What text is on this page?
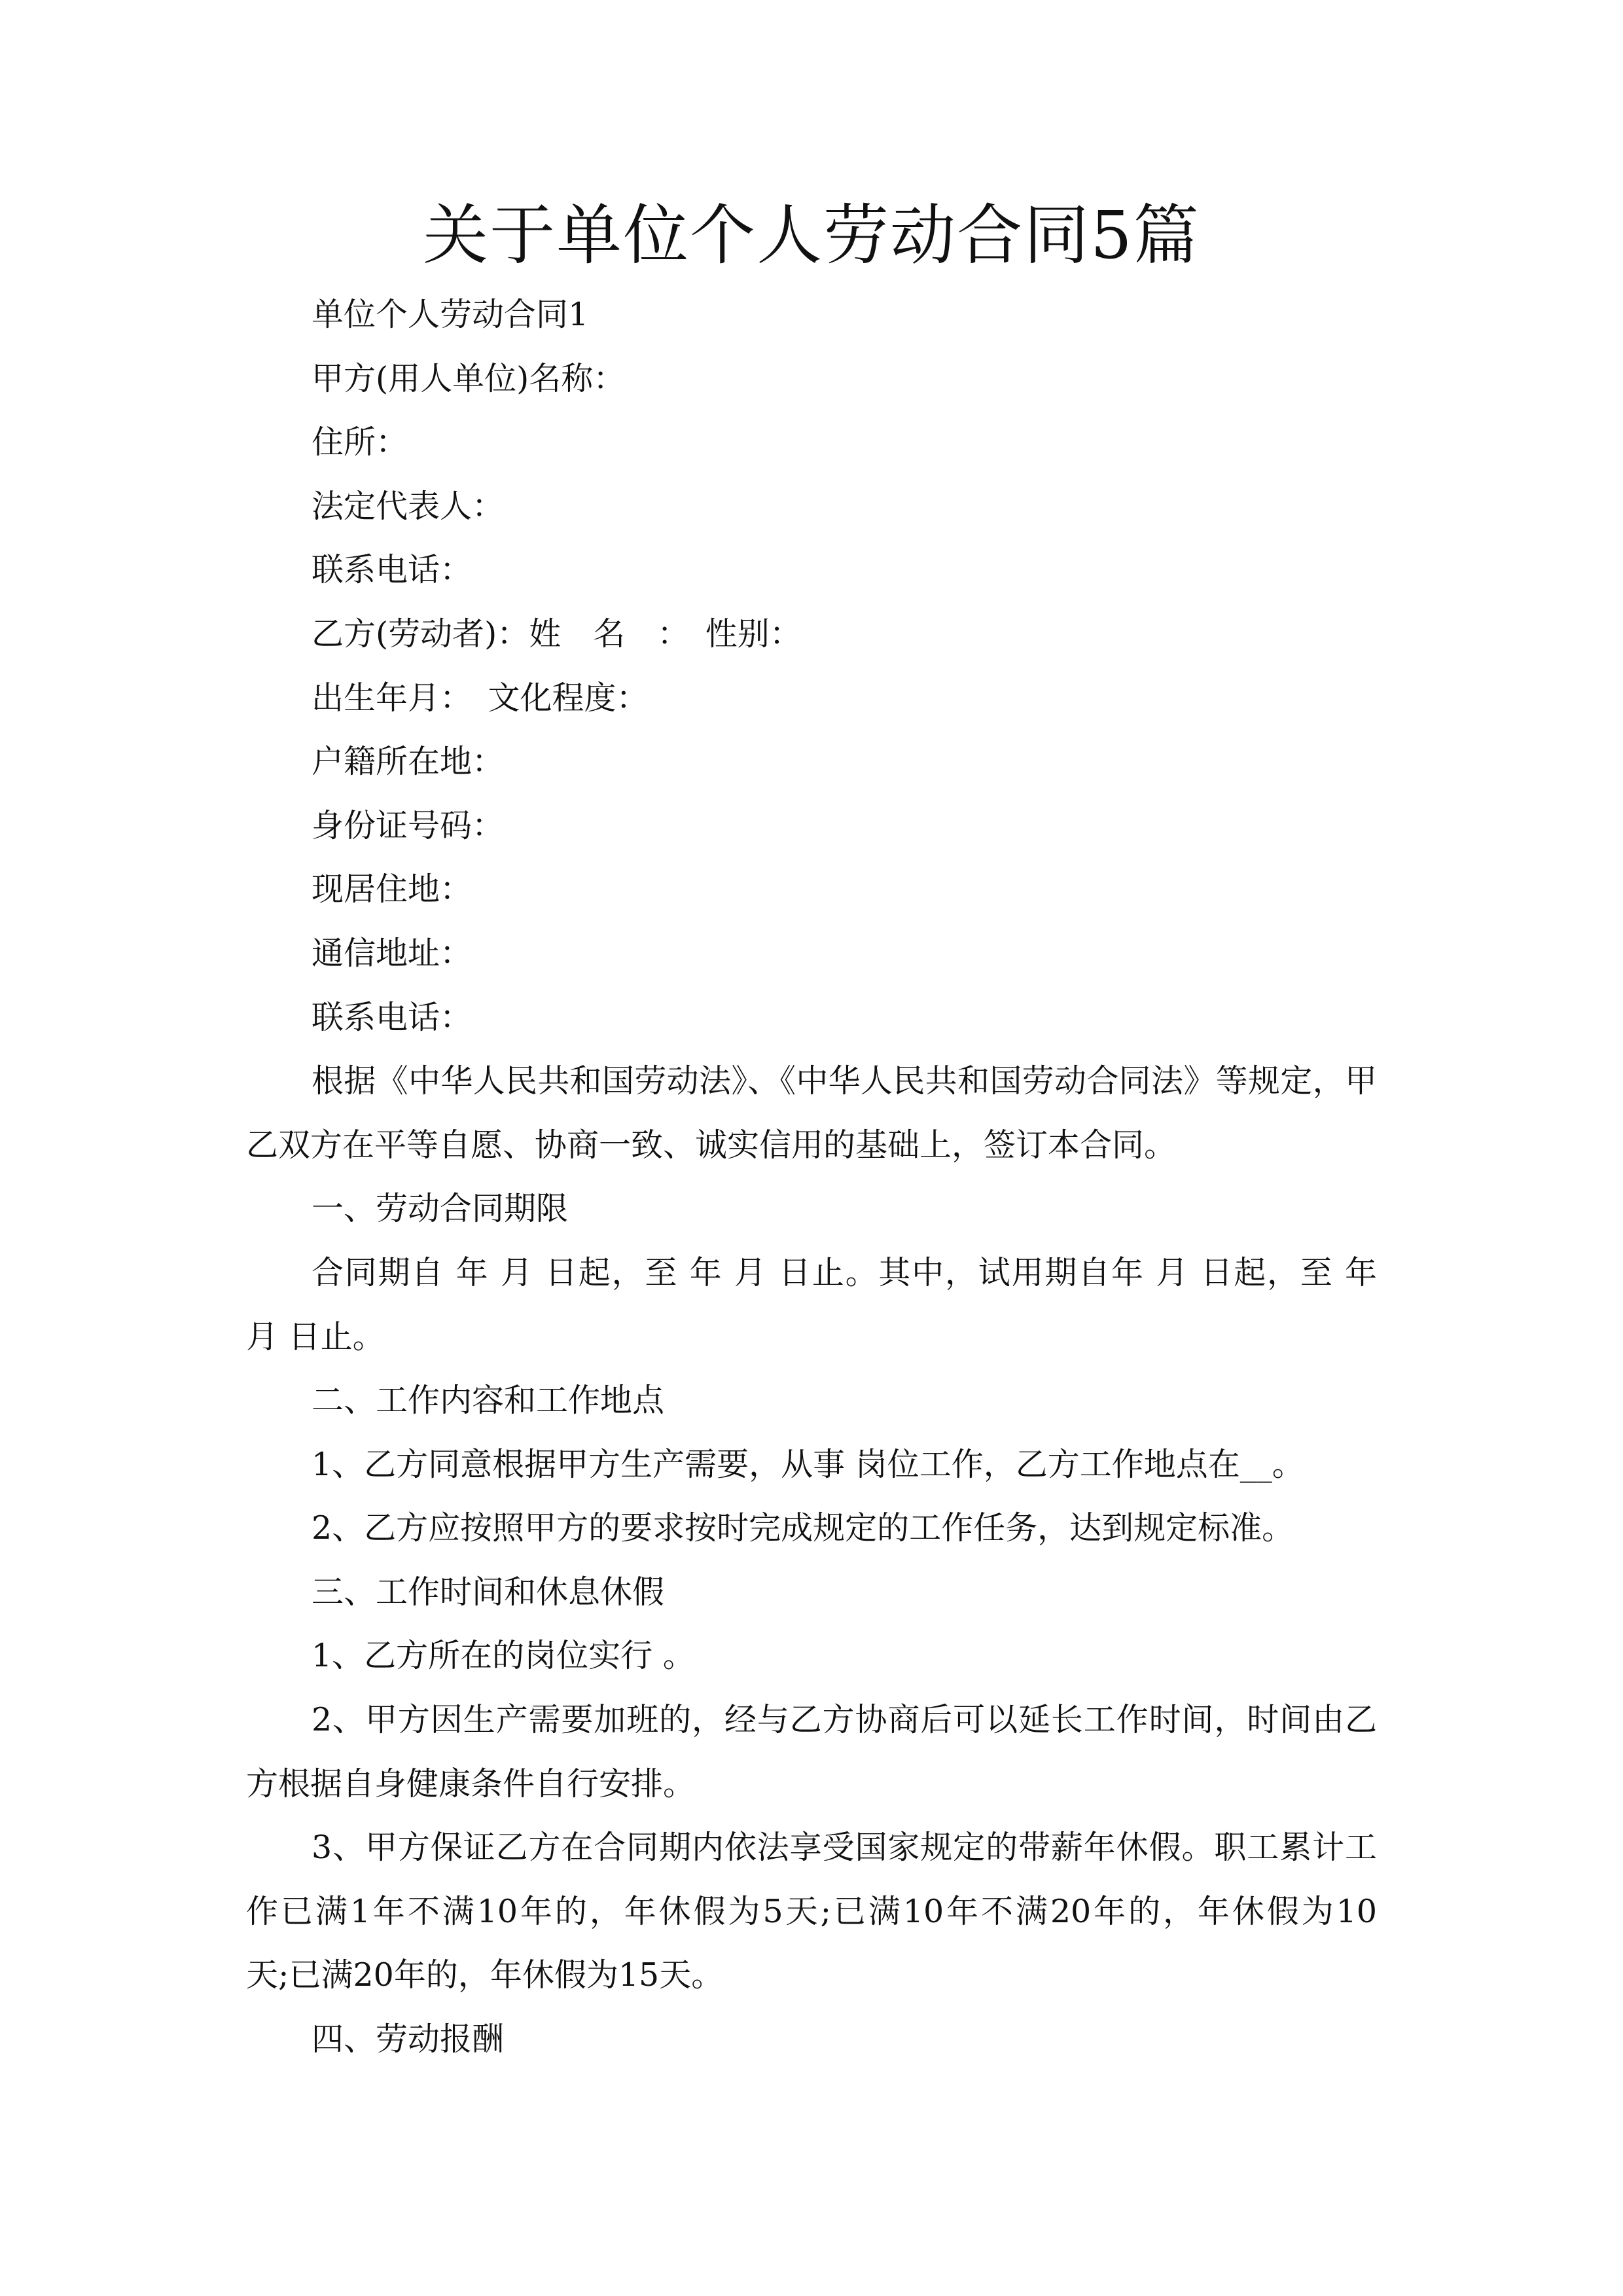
关于单位个人劳动合同5篇
单位个人劳动合同1
甲方(用人单位)名称：
住所：
法定代表人：
联系电话：
乙方(劳动者)：姓　名　：　性别：
出生年月：　文化程度：
户籍所在地：
身份证号码：
现居住地：
通信地址：
联系电话：
根据《中华人民共和国劳动法》、《中华人民共和国劳动合同法》等规定，甲
乙双方在平等自愿、协商一致、诚实信用的基础上，签订本合同。
一、劳动合同期限
合同期自 年 月 日起，至 年 月 日止。其中，试用期自年 月 日起，至 年
月 日止。
二、工作内容和工作地点
1、乙方同意根据甲方生产需要，从事 岗位工作，乙方工作地点在__。
2、乙方应按照甲方的要求按时完成规定的工作任务，达到规定标准。
三、工作时间和休息休假
1、乙方所在的岗位实行 。
2、甲方因生产需要加班的，经与乙方协商后可以延长工作时间，时间由乙
方根据自身健康条件自行安排。
3、甲方保证乙方在合同期内依法享受国家规定的带薪年休假。职工累计工
作已满1年不满10年的，年休假为5天;已满10年不满20年的，年休假为10
天;已满20年的，年休假为15天。
四、劳动报酬
